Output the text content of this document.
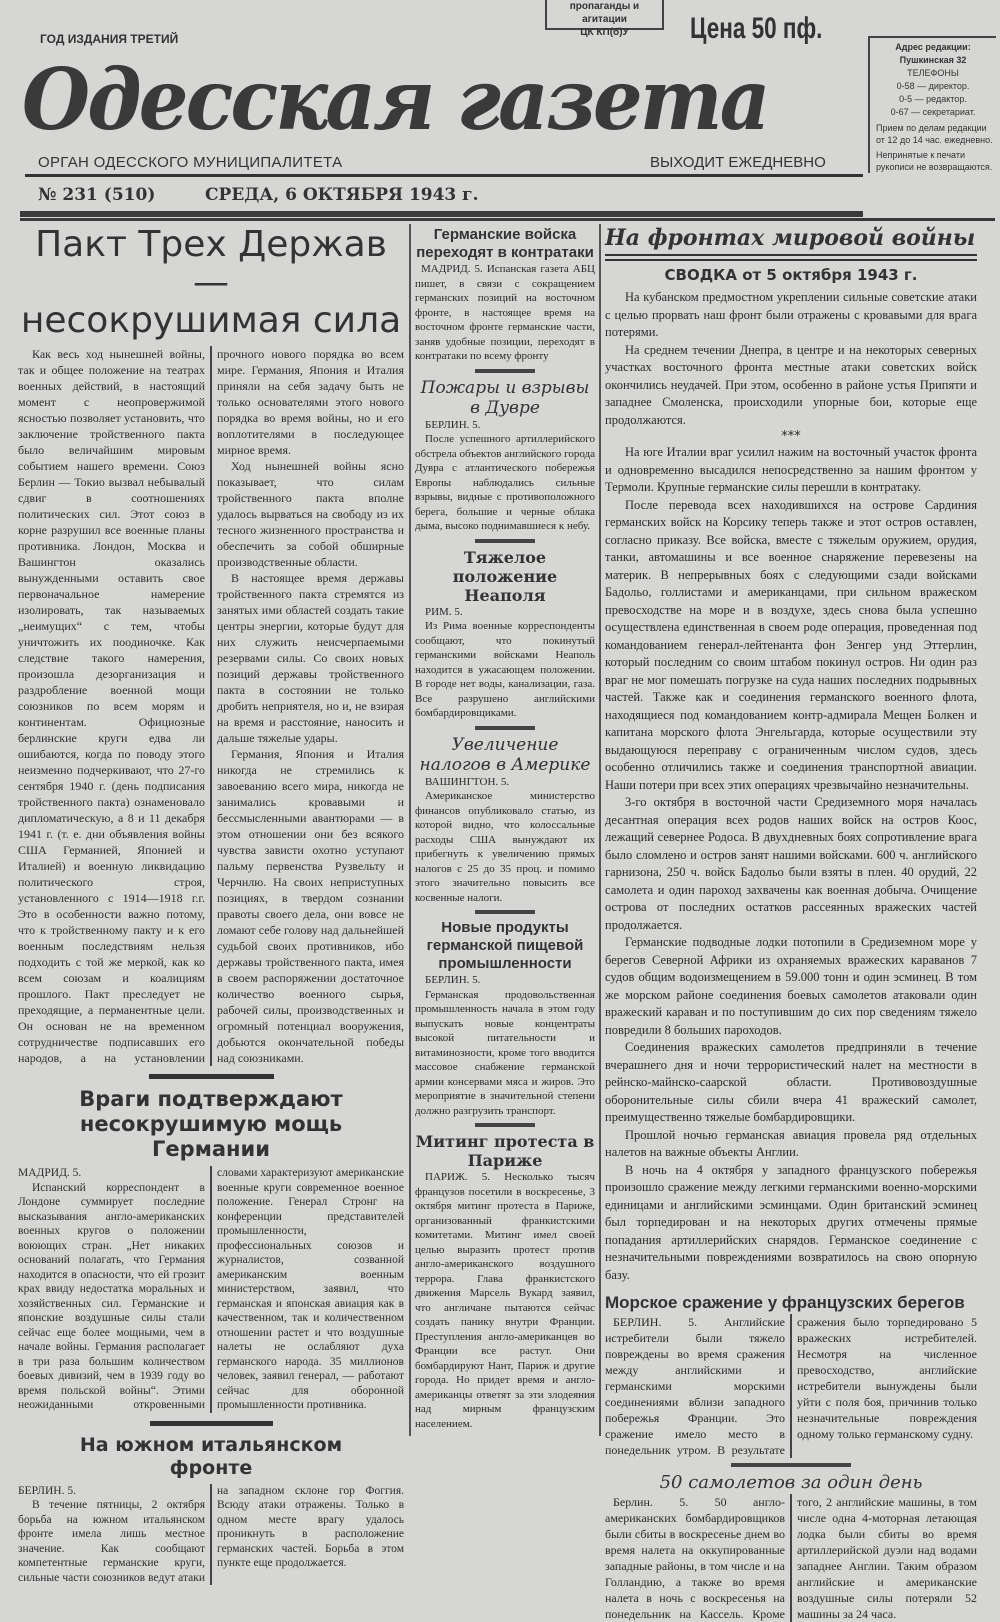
пропаганды и агитации
ЦК КП(б)У
ГОД ИЗДАНИЯ ТРЕТИЙ
Одесская газета
Цена 50 пф.
Адрес редакции:
Пушкинская 32
ТЕЛЕФОНЫ
0-58 — директор.
0-5 — редактор.
0-67 — секретариат.
Прием по делам редакции от 12 до 14 час. ежедневно.
Непринятые к печати рукописи не возвращаются.
ОРГАН ОДЕССКОГО МУНИЦИПАЛИТЕТА	ВЫХОДИТ ЕЖЕДНЕВНО
№ 231 (510)	СРЕДА, 6 ОКТЯБРЯ 1943 г.
Пакт Трех Держав—
несокрушимая сила

Как весь ход нынешней войны, так и общее положение на театрах военных действий, в настоящий момент с неопровержимой ясностью позволяет установить, что заключение тройственного пакта было величайшим мировым событием нашего времени. Союз Берлин — Токио вызвал небывалый сдвиг в соотношениях политических сил. Этот союз в корне разрушил все военные планы противника. Лондон, Москва и Вашингтон оказались вынужденными оставить свое первоначальное намерение изолировать, так называемых „неимущих“ с тем, чтобы уничтожить их поодиночке. Как следствие такого намерения, произошла дезорганизация и раздробление военной мощи союзников по всем морям и континентам. Официозные берлинские круги едва ли ошибаются, когда по поводу этого неизменно подчеркивают, что 27-го сентября 1940 г. (день подписания тройственного пакта) ознаменовало дипломатическую, а 8 и 11 декабря 1941 г. (т. е. дни объявления войны США Германией, Японией и Италией) и военную ликвидацию политического строя, установленного с 1914—1918 г.г. Это в особенности важно потому, что к тройственному пакту и к его военным последствиям нельзя подходить с той же меркой, как ко всем союзам и коалициям прошлого. Пакт преследует не преходящие, а перманентные цели. Он основан не на временном сотрудничестве подписавших его народов, а на установлении прочного нового порядка во всем мире. Германия, Япония и Италия приняли на себя задачу быть не только основателями этого нового порядка во время войны, но и его воплотителями в последующее мирное время.

Ход нынешней войны ясно показывает, что силам тройственного пакта вполне удалось вырваться на свободу из их тесного жизненного пространства и обеспечить за собой обширные производственные области.

В настоящее время державы тройственного пакта стремятся из занятых ими областей создать такие центры энергии, которые будут для них служить неисчерпаемыми резервами силы. Со своих новых позиций державы тройственного пакта в состоянии не только дробить неприятеля, но и, не взирая на время и расстояние, наносить и дальше тяжелые удары.

Германия, Япония и Италия никогда не стремились к завоеванию всего мира, никогда не занимались кровавыми и бессмысленными авантюрами — в этом отношении они без всякого чувства зависти охотно уступают пальму первенства Рузвельту и Черчилю. На своих неприступных позициях, в твердом сознании правоты своего дела, они вовсе не ломают себе голову над дальнейшей судьбой своих противников, ибо державы тройственного пакта, имея в своем распоряжении достаточное количество военного сырья, рабочей силы, производственных и огромный потенциал вооружения, добьются окончательной победы над союзниками.

Враги подтверждают
несокрушимую мощь Германии
МАДРИД. 5.

Испанский корреспондент в Лондоне суммирует последние высказывания англо-американских военных кругов о положении воюющих стран. „Нет никаких оснований полагать, что Германия находится в опасности, что ей грозит крах ввиду недостатка моральных и хозяйственных сил. Германские и японские воздушные силы стали сейчас еще более мощными, чем в начале войны. Германия располагает в три раза большим количеством боевых дивизий, чем в 1939 году во время польской войны“. Этими неожиданными откровенными словами характеризуют американские военные круги современное военное положение. Генерал Стронг на конференции представителей промышленности, профессиональных союзов и журналистов, созванной американским военным министерством, заявил, что германская и японская авиация как в качественном, так и количественном отношении растет и что воздушные налеты не ослабляют духа германского народа. 35 миллионов человек, заявил генерал, — работают сейчас для оборонной промышленности противника.

На южном итальянском
фронте
БЕРЛИН. 5.

В течение пятницы, 2 октября борьба на южном итальянском фронте имела лишь местное значение. Как сообщают компетентные германские круги, сильные части союзников ведут атаки на западном склоне гор Фоггия. Всюду атаки отражены. Только в одном месте врагу удалось проникнуть в расположение германских частей. Борьба в этом пункте еще продолжается.

Германские войска переходят в контратаки

МАДРИД. 5. Испанская газета АБЦ пишет, в связи с сокращением германских позиций на восточном фронте, в настоящее время на восточном фронте германские части, заняв удобные позиции, переходят в контратаки по всему фронту

Пожары и взрывы в Дувре
БЕРЛИН. 5.

После успешного артиллерийского обстрела объектов английского города Дувра с атлантического побережья Европы наблюдались сильные взрывы, видные с противоположного берега, большие и черные облака дыма, высоко поднимавшиеся к небу.

Тяжелое положение Неаполя
РИМ. 5.

Из Рима военные корреспонденты сообщают, что покинутый германскими войсками Неаполь находится в ужасающем положении. В городе нет воды, канализации, газа. Все разрушено английскими бомбардировщиками.

Увеличение налогов в Америке
ВАШИНГТОН. 5.

Американское министерство финансов опубликовало статью, из которой видно, что колоссальные расходы США вынуждают их прибегнуть к увеличению прямых налогов с 25 до 35 проц. и помимо этого значительно повысить все косвенные налоги.

Новые продукты германской пищевой промышленности
БЕРЛИН. 5.

Германская продовольственная промышленность начала в этом году выпускать новые концентраты высокой питательности и витаминозности, кроме того вводится массовое снабжение германской армии консервами мяса и жиров. Это мероприятие в значительной степени должно разгрузить транспорт.

Митинг протеста в Париже

ПАРИЖ. 5. Несколько тысяч французов посетили в воскресенье, 3 октября митинг протеста в Париже, организованный франкистскими комитетами. Митинг имел своей целью выразить протест против англо-американского воздушного террора. Глава франкистского движения Марсель Вукард заявил, что англичане пытаются сейчас создать панику внутри Франции. Преступления англо-американцев во Франции все растут. Они бомбардируют Нант, Париж и другие города. Но придет время и англо-американцы ответят за эти злодеяния над мирным французским населением.

На фронтах мировой войны
СВОДКА от 5 октября 1943 г.

На кубанском предмостном укреплении сильные советские атаки с целью прорвать наш фронт были отражены с кровавыми для врага потерями.

На среднем течении Днепра, в центре и на некоторых северных участках восточного фронта местные атаки советских войск окончились неудачей. При этом, особенно в районе устья Припяти и западнее Смоленска, происходили упорные бои, которые еще продолжаются.

***

На юге Италии враг усилил нажим на восточный участок фронта и одновременно высадился непосредственно за нашим фронтом у Термоли. Крупные германские силы перешли в контратаку.

После перевода всех находившихся на острове Сардиния германских войск на Корсику теперь также и этот остров оставлен, согласно приказу. Все войска, вместе с тяжелым оружием, орудия, танки, автомашины и все военное снаряжение перевезены на материк. В непрерывных боях с следующими сзади войсками Бадольо, голлистами и американцами, при сильном вражеском превосходстве на море и в воздухе, здесь снова была успешно осуществлена единственная в своем роде операция, проведенная под командованием генерал-лейтенанта фон Зенгер унд Эттерлин, который последним со своим штабом покинул остров. Ни один раз враг не мог помешать погрузке на суда наших последних подрывных частей. Также как и соединения германского военного флота, находящиеся под командованием контр-адмирала Мещен Болкен и капитана морского флота Энгельгарда, которые осуществили эту выдающуюся переправу с ограниченным числом судов, здесь особенно отличились также и соединения транспортной авиации. Наши потери при всех этих операциях чрезвычайно незначительны.

3-го октября в восточной части Средиземного моря началась десантная операция всех родов наших войск на остров Коос, лежащий севернее Родоса. В двухдневных боях сопротивление врага было сломлено и остров занят нашими войсками. 600 ч. английского гарнизона, 250 ч. войск Бадольо были взяты в плен. 40 орудий, 22 самолета и один пароход захвачены как военная добыча. Очищение острова от последних остатков рассеянных вражеских частей продолжается.

Германские подводные лодки потопили в Средиземном море у берегов Северной Африки из охраняемых вражеских караванов 7 судов общим водоизмещением в 59.000 тонн и один эсминец. В том же морском районе соединения боевых самолетов атаковали один вражеский караван и по поступившим до сих пор сведениям тяжело повредили 8 больших пароходов.

Соединения вражеских самолетов предприняли в течение вчерашнего дня и ночи террористический налет на местности в рейнско-майнско-саарской области. Противовоздушные оборонительные силы сбили вчера 41 вражеский самолет, преимущественно тяжелые бомбардировщики.

Прошлой ночью германская авиация провела ряд отдельных налетов на важные объекты Англии.

В ночь на 4 октября у западного французского побережья произошло сражение между легкими германскими военно-морскими единицами и английскими эсминцами. Один британский эсминец был торпедирован и на некоторых других отмечены прямые попадания артиллерийских снарядов. Германское соединение с незначительными повреждениями возвратилось на свою опорную базу.

Морское сражение у французских берегов

БЕРЛИН. 5. Английские истребители были тяжело повреждены во время сражения между английскими и германскими морскими соединениями вблизи западного побережья Франции. Это сражение имело место в понедельник утром. В результате сражения было торпедировано 5 вражеских истребителей. Несмотря на численное превосходство, английские истребители вынуждены были уйти с поля боя, причинив только незначительные повреждения одному только германскому судну.

50 самолетов за один день

Берлин. 5. 50 англо-американских бомбардировщиков были сбиты в воскресенье днем во время налета на оккупированные западные районы, в том числе и на Голландию, а также во время налета в ночь с воскресенья на понедельник на Кассель. Кроме того, 2 английские машины, в том числе одна 4-моторная летающая лодка были сбиты во время артиллерийской дуэли над водами западнее Англии. Таким образом английские и американские воздушные силы потеряли 52 машины за 24 часа.
